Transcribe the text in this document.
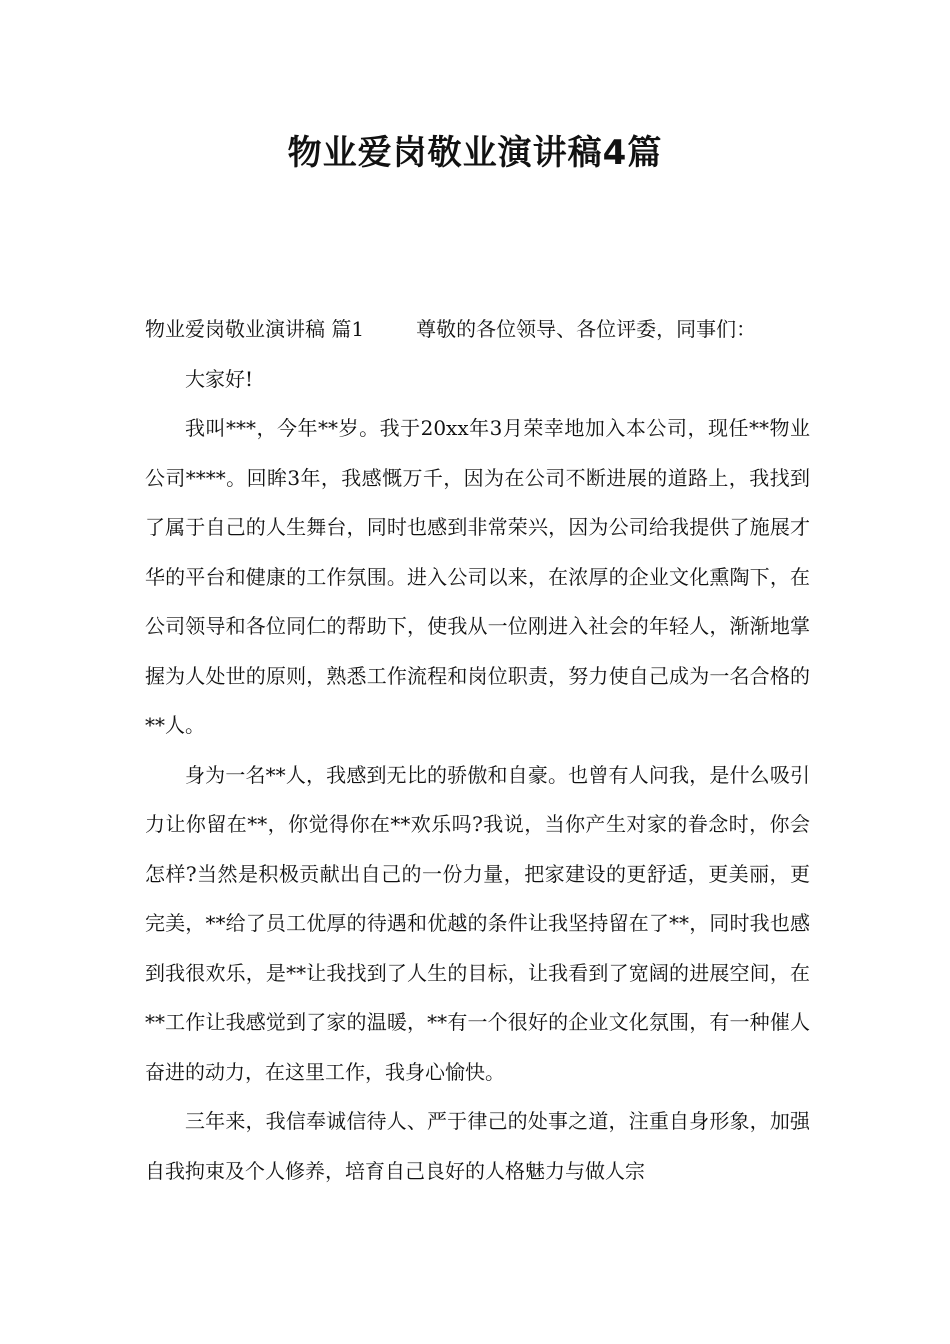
物业爱岗敬业演讲稿4篇

物业爱岗敬业演讲稿 篇1	尊敬的各位领导、各位评委，同事们：

大家好!

我叫***，今年**岁。我于20xx年3月荣幸地加入本公司，现任**物业公司****。回眸3年，我感慨万千，因为在公司不断进展的道路上，我找到了属于自己的人生舞台，同时也感到非常荣兴，因为公司给我提供了施展才华的平台和健康的工作氛围。进入公司以来，在浓厚的企业文化熏陶下，在公司领导和各位同仁的帮助下，使我从一位刚进入社会的年轻人，渐渐地掌握为人处世的原则，熟悉工作流程和岗位职责，努力使自己成为一名合格的**人。

身为一名**人，我感到无比的骄傲和自豪。也曾有人问我，是什么吸引力让你留在**，你觉得你在**欢乐吗?我说，当你产生对家的眷念时，你会怎样?当然是积极贡献出自己的一份力量，把家建设的更舒适，更美丽，更完美，**给了员工优厚的待遇和优越的条件让我坚持留在了**，同时我也感到我很欢乐，是**让我找到了人生的目标，让我看到了宽阔的进展空间，在**工作让我感觉到了家的温暖，**有一个很好的企业文化氛围，有一种催人奋进的动力，在这里工作，我身心愉快。

三年来，我信奉诚信待人、严于律己的处事之道，注重自身形象，加强自我拘束及个人修养，培育自己良好的人格魅力与做人宗
